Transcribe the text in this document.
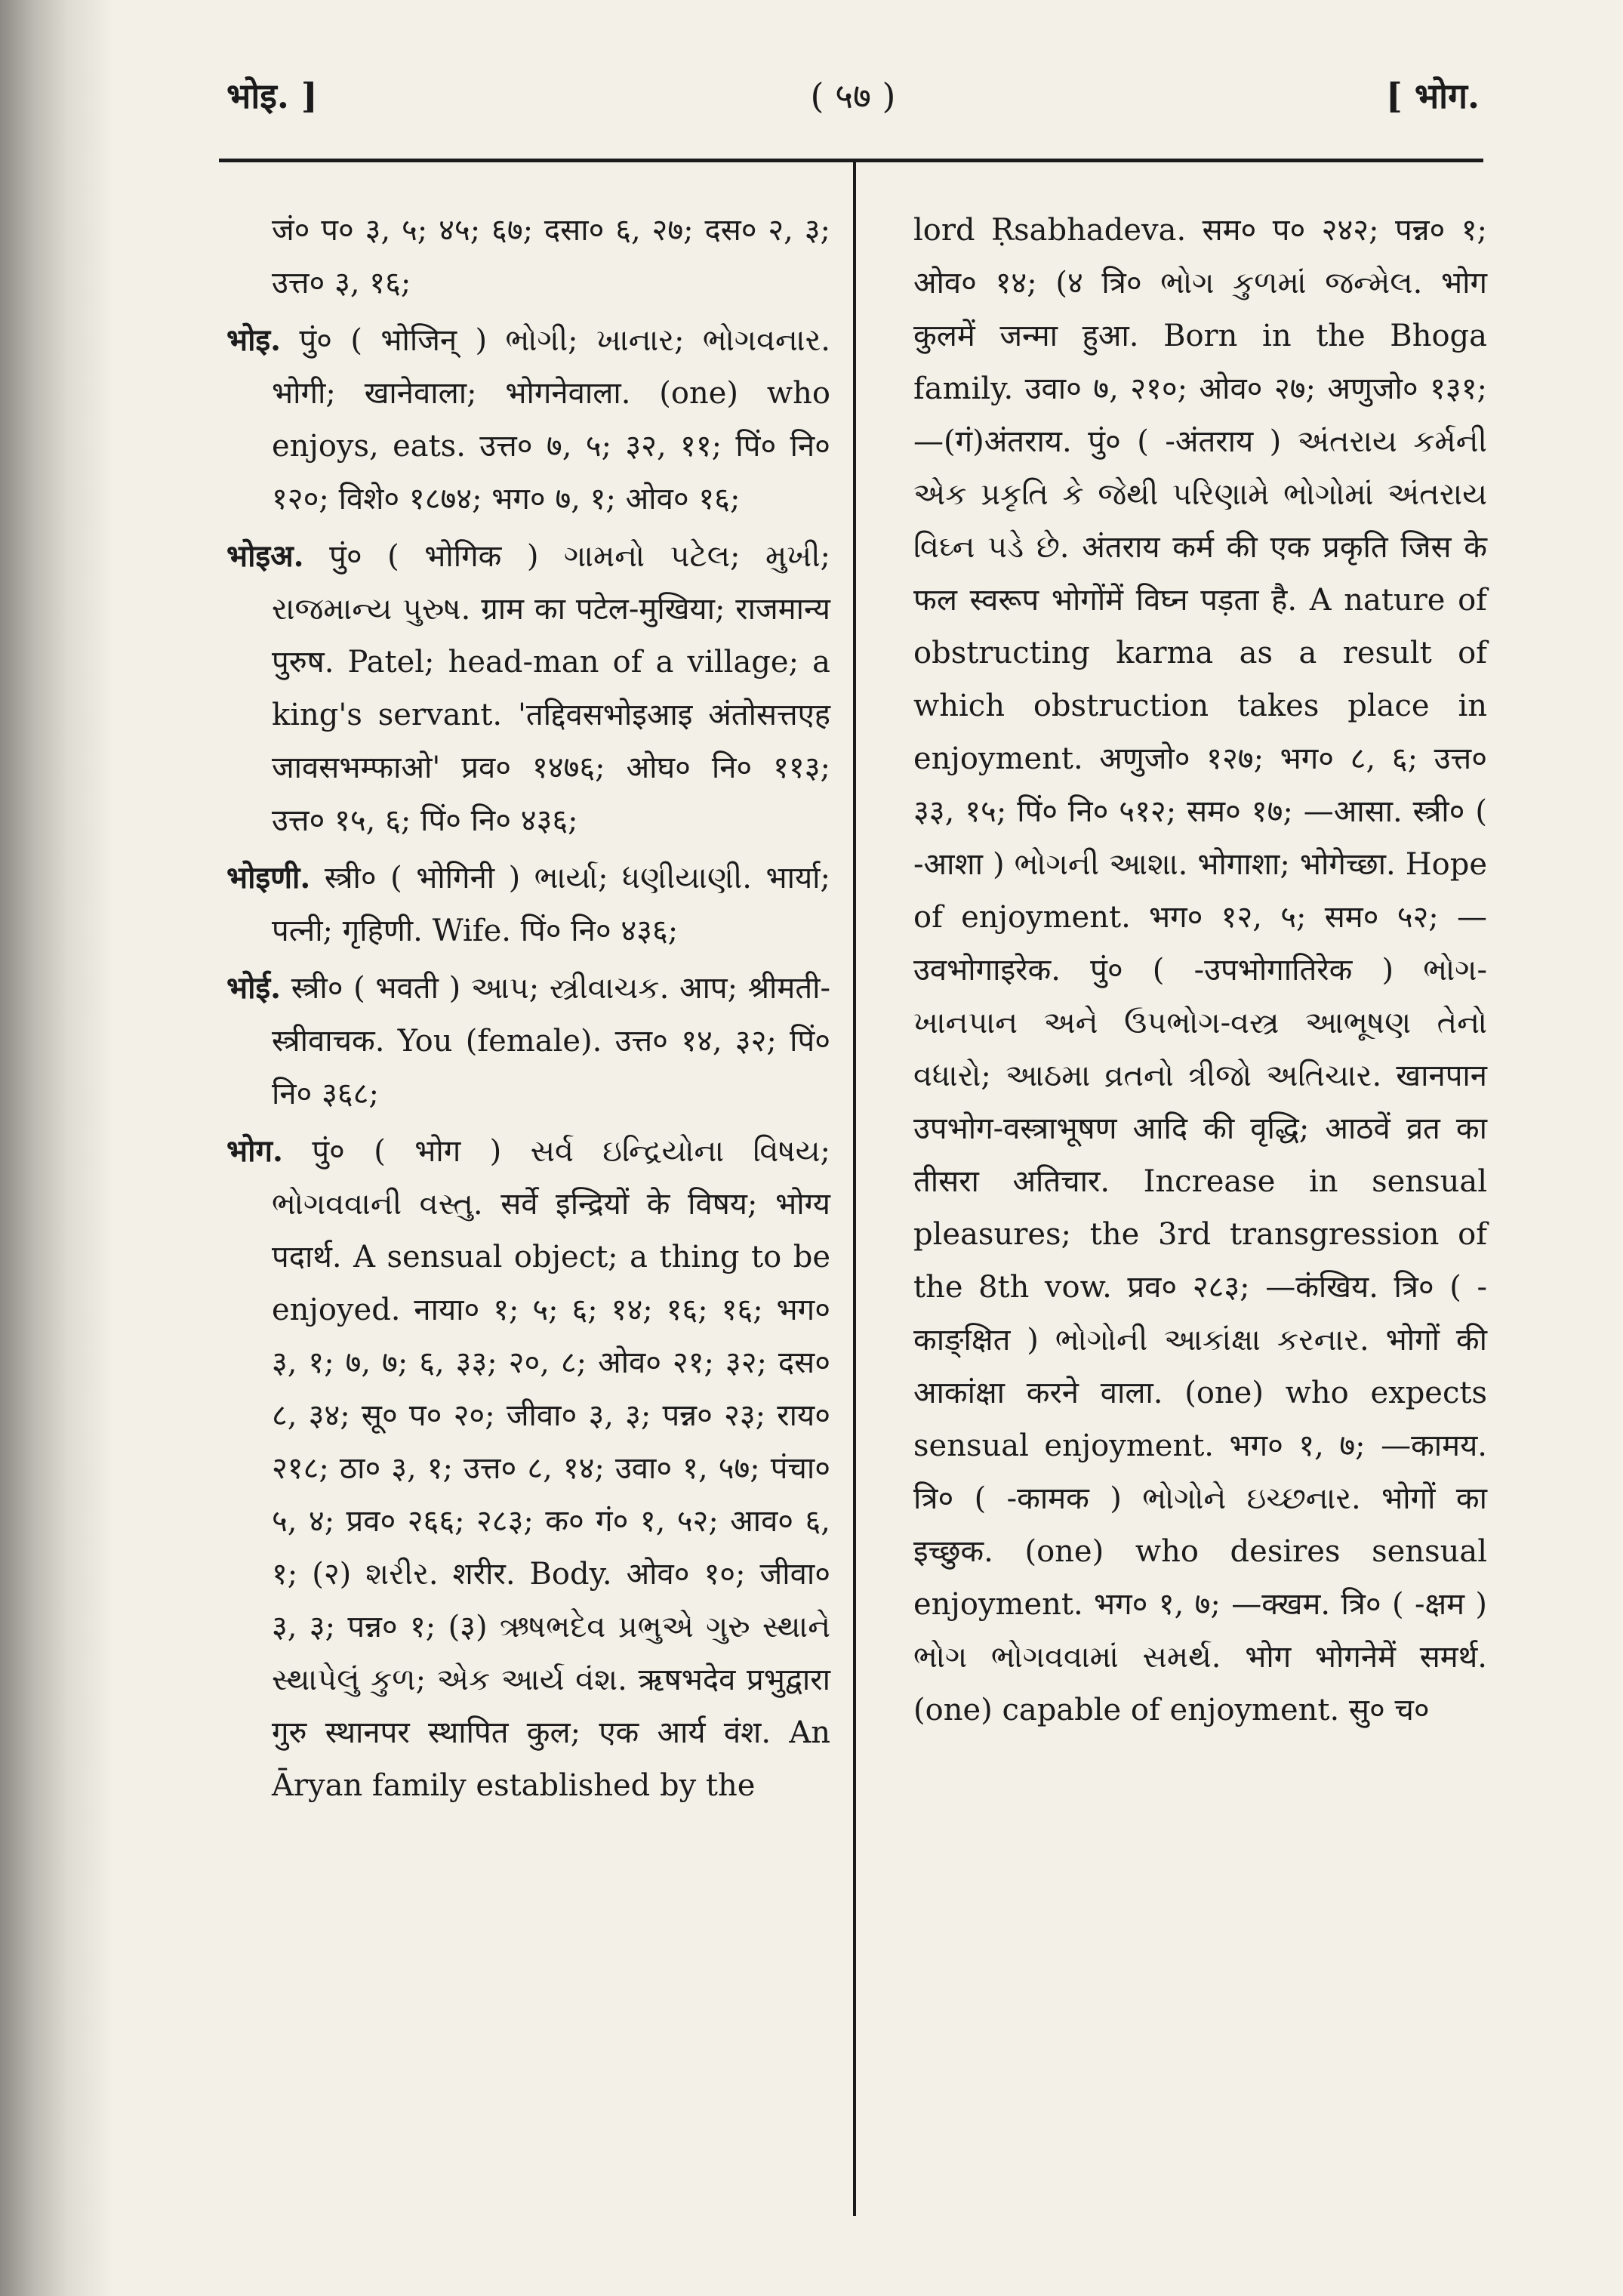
भोइ. ]	( ५७ )	[ भोग.

जं० प० ३, ५; ४५; ६७; दसा० ६, २७; दस० २, ३; उत्त० ३, १६;

भोइ. पुं० ( भोजिन् ) ભોગી; ખાનાર; ભોગવનાર. भोगी; खानेवाला; भोगनेवाला. (one) who enjoys, eats. उत्त० ७, ५; ३२, ११; पिं० नि० १२०; विशे० १८७४; भग० ७, १; ओव० १६;

भोइअ. पुं० ( भोगिक ) ગામનો પટેલ; મુખી; રાજમાન્ય પુરુષ. ग्राम का पटेल-मुखिया; राजमान्य पुरुष. Patel; head-man of a village; a king's servant. 'तद्दिवसभोइआइ अंतोसत्तएह जावसभम्फाओ' प्रव० १४७६; ओघ० नि० ११३; उत्त० १५, ६; पिं० नि० ४३६;

भोइणी. स्त्री० ( भोगिनी ) ભાર્યા; ધણીયાણી. भार्या; पत्नी; गृहिणी. Wife. पिं० नि० ४३६;

भोई. स्त्री० ( भवती ) આપ; સ્ત્રીવાચક. आप; श्रीमती-स्त्रीवाचक. You (female). उत्त० १४, ३२; पिं० नि० ३६८;

भोग. पुं० ( भोग ) સર્વ ઇન્દ્રિયોના વિષય; ભોગવવાની વસ્તુ. सर्वे इन्द्रियों के विषय; भोग्य पदार्थ. A sensual object; a thing to be enjoyed. नाया० १; ५; ६; १४; १६; १६; भग० ३, १; ७, ७; ६, ३३; २०, ८; ओव० २१; ३२; दस० ८, ३४; सू० प० २०; जीवा० ३, ३; पन्न० २३; राय० २१८; ठा० ३, १; उत्त० ८, १४; उवा० १, ५७; पंचा० ५, ४; प्रव० २६६; २८३; क० गं० १, ५२; आव० ६, १; (२) શરીર. शरीर. Body. ओव० १०; जीवा० ३, ३; पन्न० १; (३) ઋષભદેવ પ્રભુએ ગુરુ સ્થાને સ્થાપેલું કુળ; એક આર્ય વંશ. ऋषभदेव प्रभुद्वारा गुरु स्थानपर स्थापित कुल; एक आर्य वंश. An Āryan family established by the

lord Ṛsabhadeva. सम० प० २४२; पन्न० १; ओव० १४; (४ त्रि० ભોગ કુળમાં જન્મેલ. भोग कुलमें जन्मा हुआ. Born in the Bhoga family. उवा० ७, २१०; ओव० २७; अणुजो० १३१; —(गं)अंतराय. पुं० ( -अंतराय ) અંતરાય કર્મની એક પ્રકૃતિ કે જેથી પરિણામે ભોગોમાં અંતરાય વિઘ્ન પડે છે. अंतराय कर्म की एक प्रकृति जिस के फल स्वरूप भोगोंमें विघ्न पड़ता है. A nature of obstructing karma as a result of which obstruction takes place in enjoyment. अणुजो० १२७; भग० ८, ६; उत्त० ३३, १५; पिं० नि० ५१२; सम० १७; —आसा. स्त्री० ( -आशा ) ભોગની આશા. भोगाशा; भोगेच्छा. Hope of enjoyment. भग० १२, ५; सम० ५२; —उवभोगाइरेक. पुं० ( -उपभोगातिरेक ) ભોગ-ખાનપાન અને ઉપભોગ-વસ્ત્ર આભૂષણ તેનો વધારો; આઠમા વ્રતનો ત્રીજો અતિચાર. खानपान उपभोग-वस्त्राभूषण आदि की वृद्धि; आठवें व्रत का तीसरा अतिचार. Increase in sensual pleasures; the 3rd transgression of the 8th vow. प्रव० २८३; —कंखिय. त्रि० ( -काङ्क्षित ) ભોગોની આકાંક્ષા કરનાર. भोगों की आकांक्षा करने वाला. (one) who expects sensual enjoyment. भग० १, ७; —कामय. त्रि० ( -कामक ) ભોગોને ઇચ્છનાર. भोगों का इच्छुक. (one) who desires sensual enjoyment. भग० १, ७; —क्खम. त्रि० ( -क्षम ) ભોગ ભોગવવામાં સમર્થ. भोग भोगनेमें समर्थ. (one) capable of enjoyment. सु० च०
